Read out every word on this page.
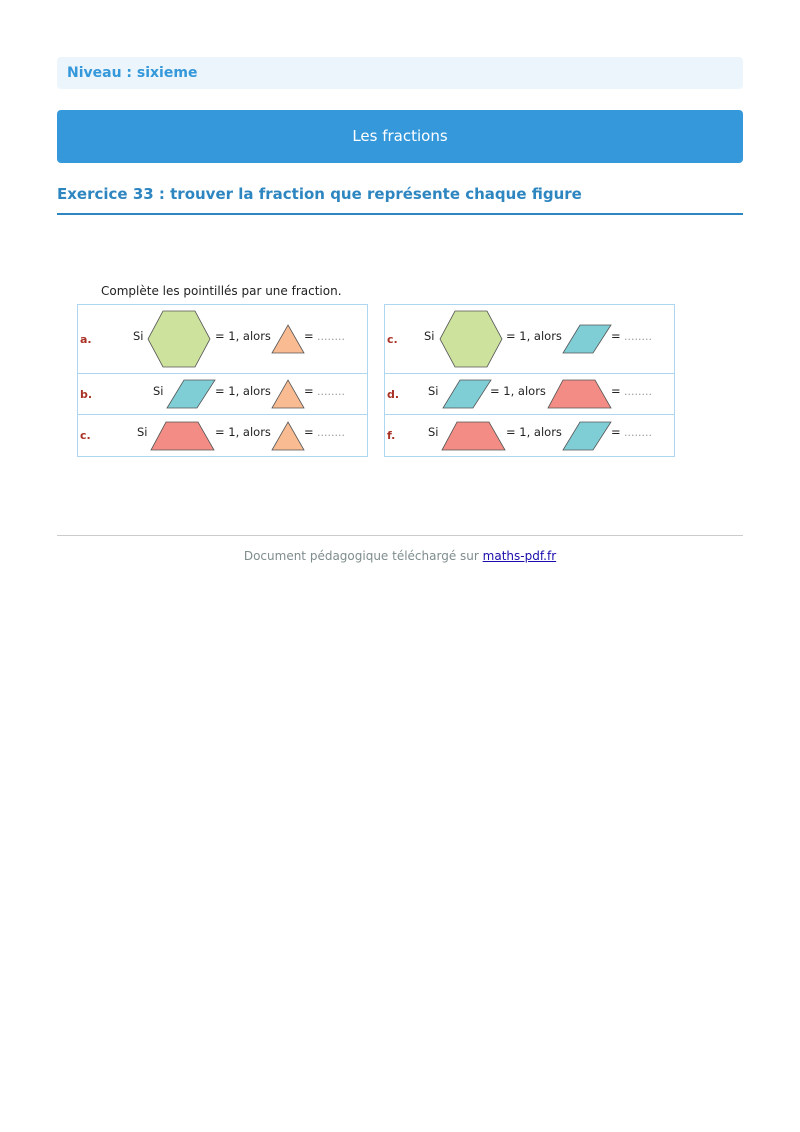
Niveau : sixieme
Les fractions
Exercice 33 : trouver la fraction que représente chaque figure
Complète les pointillés par une fraction.
a.	Si	= 1, alors	= ........
b.	Si	= 1, alors	= ........
c.	Si	= 1, alors	= ........
c. Si	= 1, alors	= ........
d.	Si	= 1, alors	= ........
f.	Si	= 1, alors	= ........
Document pédagogique téléchargé sur maths-pdf.fr
